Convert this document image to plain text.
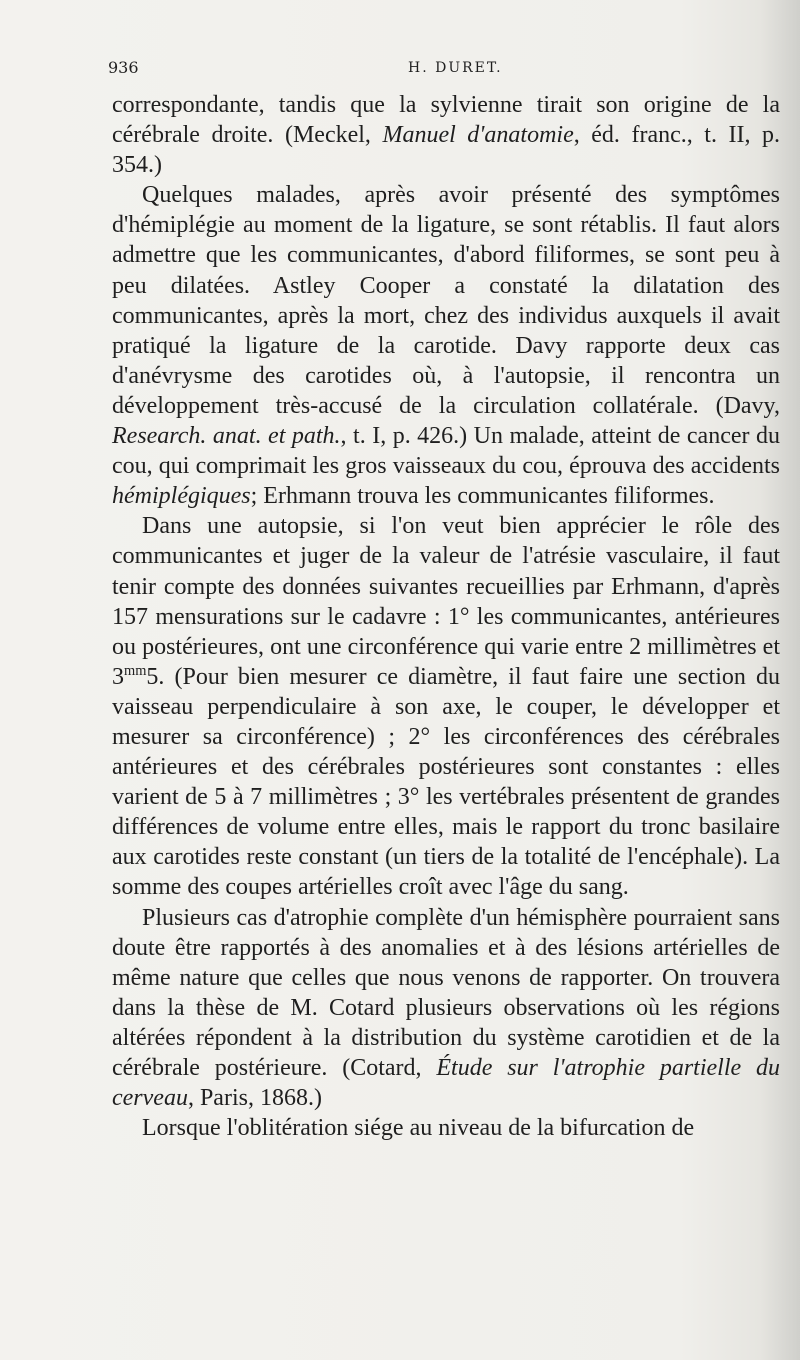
936	H. DURET.

correspondante, tandis que la sylvienne tirait son origine de la cérébrale droite. (Meckel, Manuel d'anatomie, éd. franc., t. II, p. 354.)

Quelques malades, après avoir présenté des symptômes d'hémiplégie au moment de la ligature, se sont rétablis. Il faut alors admettre que les communicantes, d'abord filiformes, se sont peu à peu dilatées. Astley Cooper a constaté la dilatation des communicantes, après la mort, chez des individus auxquels il avait pratiqué la ligature de la carotide. Davy rapporte deux cas d'anévrysme des carotides où, à l'autopsie, il rencontra un développement très-accusé de la circulation collatérale. (Davy, Research. anat. et path., t. I, p. 426.) Un malade, atteint de cancer du cou, qui comprimait les gros vaisseaux du cou, éprouva des accidents hémiplégiques; Erhmann trouva les communicantes filiformes.

Dans une autopsie, si l'on veut bien apprécier le rôle des communicantes et juger de la valeur de l'atrésie vasculaire, il faut tenir compte des données suivantes recueillies par Erhmann, d'après 157 mensurations sur le cadavre : 1° les communicantes, antérieures ou postérieures, ont une circonférence qui varie entre 2 millimètres et $3^{mm}5$. (Pour bien mesurer ce diamètre, il faut faire une section du vaisseau perpendiculaire à son axe, le couper, le développer et mesurer sa circonférence) ; 2° les circonférences des cérébrales antérieures et des cérébrales postérieures sont constantes : elles varient de 5 à 7 millimètres ; 3° les vertébrales présentent de grandes différences de volume entre elles, mais le rapport du tronc basilaire aux carotides reste constant (un tiers de la totalité de l'encéphale). La somme des coupes artérielles croît avec l'âge du sang.

Plusieurs cas d'atrophie complète d'un hémisphère pourraient sans doute être rapportés à des anomalies et à des lésions artérielles de même nature que celles que nous venons de rapporter. On trouvera dans la thèse de M. Cotard plusieurs observations où les régions altérées répondent à la distribution du système carotidien et de la cérébrale postérieure. (Cotard, Étude sur l'atrophie partielle du cerveau, Paris, 1868.)

Lorsque l'oblitération siége au niveau de la bifurcation de
